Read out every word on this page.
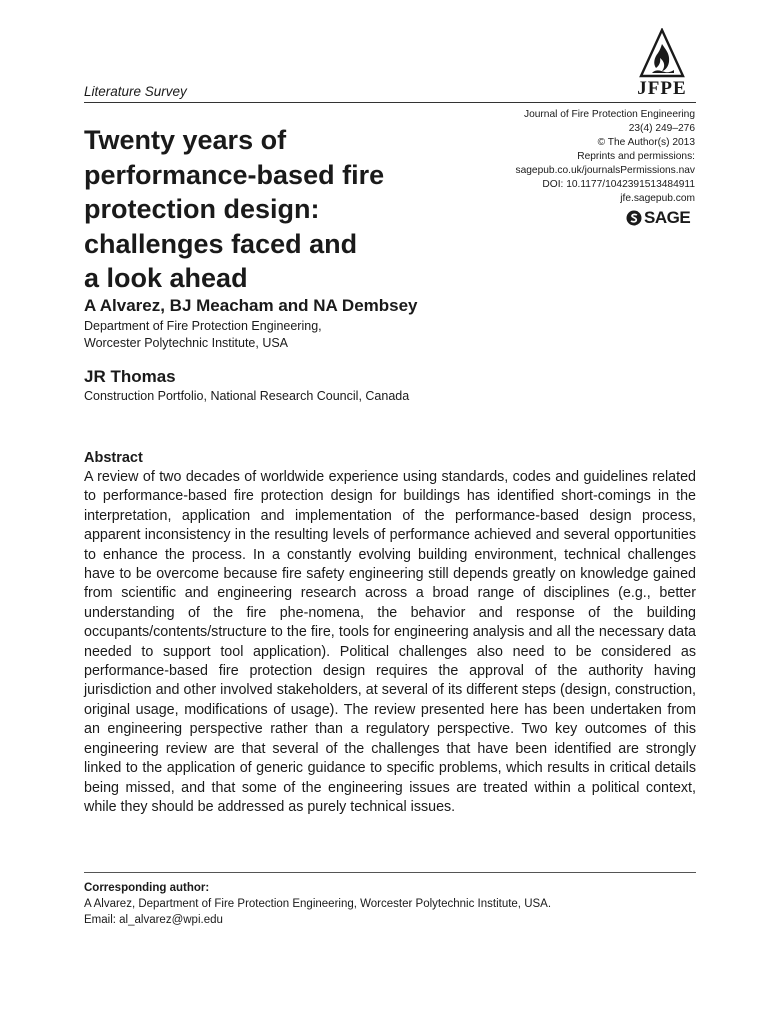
Literature Survey	JFPE
Journal of Fire Protection Engineering
23(4) 249–276
© The Author(s) 2013
Reprints and permissions:
sagepub.co.uk/journalsPermissions.nav
DOI: 10.1177/1042391513484911
jfe.sagepub.com
SAGE
Twenty years of
performance-based fire
protection design:
challenges faced and
a look ahead
A Alvarez, BJ Meacham and NA Dembsey
Department of Fire Protection Engineering,
Worcester Polytechnic Institute, USA
JR Thomas
Construction Portfolio, National Research Council, Canada
Abstract
A review of two decades of worldwide experience using standards, codes and guidelines related to performance-based fire protection design for buildings has identified short-comings in the interpretation, application and implementation of the performance-based design process, apparent inconsistency in the resulting levels of performance achieved and several opportunities to enhance the process. In a constantly evolving building environment, technical challenges have to be overcome because fire safety engineering still depends greatly on knowledge gained from scientific and engineering research across a broad range of disciplines (e.g., better understanding of the fire phe-nomena, the behavior and response of the building occupants/contents/structure to the fire, tools for engineering analysis and all the necessary data needed to support tool application). Political challenges also need to be considered as performance-based fire protection design requires the approval of the authority having jurisdiction and other involved stakeholders, at several of its different steps (design, construction, original usage, modifications of usage). The review presented here has been undertaken from an engineering perspective rather than a regulatory perspective. Two key outcomes of this engineering review are that several of the challenges that have been identified are strongly linked to the application of generic guidance to specific problems, which results in critical details being missed, and that some of the engineering issues are treated within a political context, while they should be addressed as purely technical issues.
Corresponding author:
A Alvarez, Department of Fire Protection Engineering, Worcester Polytechnic Institute, USA.
Email: al_alvarez@wpi.edu
